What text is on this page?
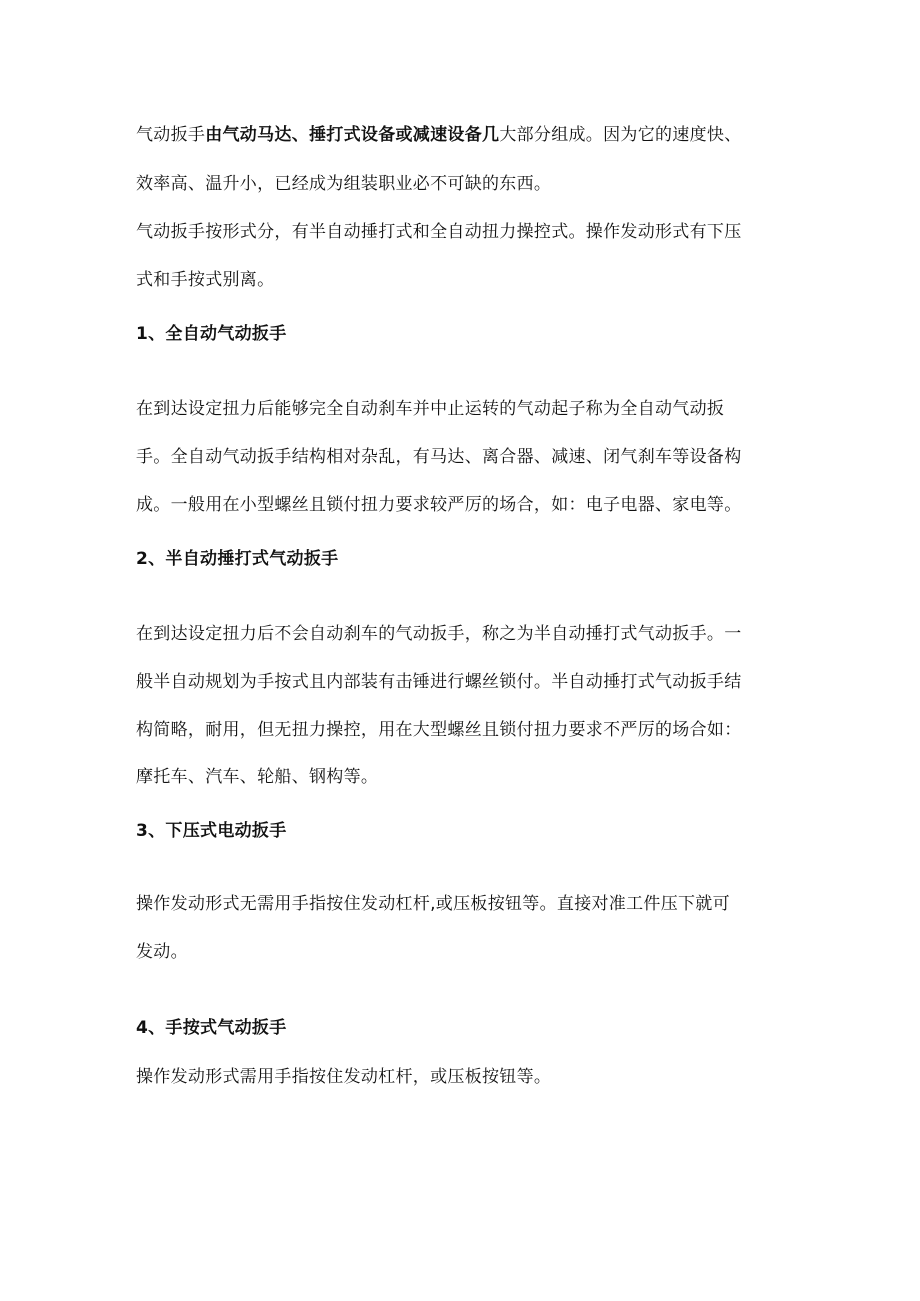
气动扳手由气动马达、捶打式设备或减速设备几大部分组成。因为它的速度快、
效率高、温升小，已经成为组装职业必不可缺的东西。
气动扳手按形式分，有半自动捶打式和全自动扭力操控式。操作发动形式有下压
式和手按式别离。
1、全自动气动扳手
在到达设定扭力后能够完全自动刹车并中止运转的气动起子称为全自动气动扳
手。全自动气动扳手结构相对杂乱，有马达、离合器、减速、闭气刹车等设备构
成。一般用在小型螺丝且锁付扭力要求较严厉的场合，如：电子电器、家电等。
2、半自动捶打式气动扳手
在到达设定扭力后不会自动刹车的气动扳手，称之为半自动捶打式气动扳手。一
般半自动规划为手按式且内部装有击锤进行螺丝锁付。半自动捶打式气动扳手结
构简略，耐用，但无扭力操控，用在大型螺丝且锁付扭力要求不严厉的场合如：
摩托车、汽车、轮船、钢构等。
3、下压式电动扳手
操作发动形式无需用手指按住发动杠杆,或压板按钮等。直接对准工件压下就可
发动。
4、手按式气动扳手
操作发动形式需用手指按住发动杠杆，或压板按钮等。
